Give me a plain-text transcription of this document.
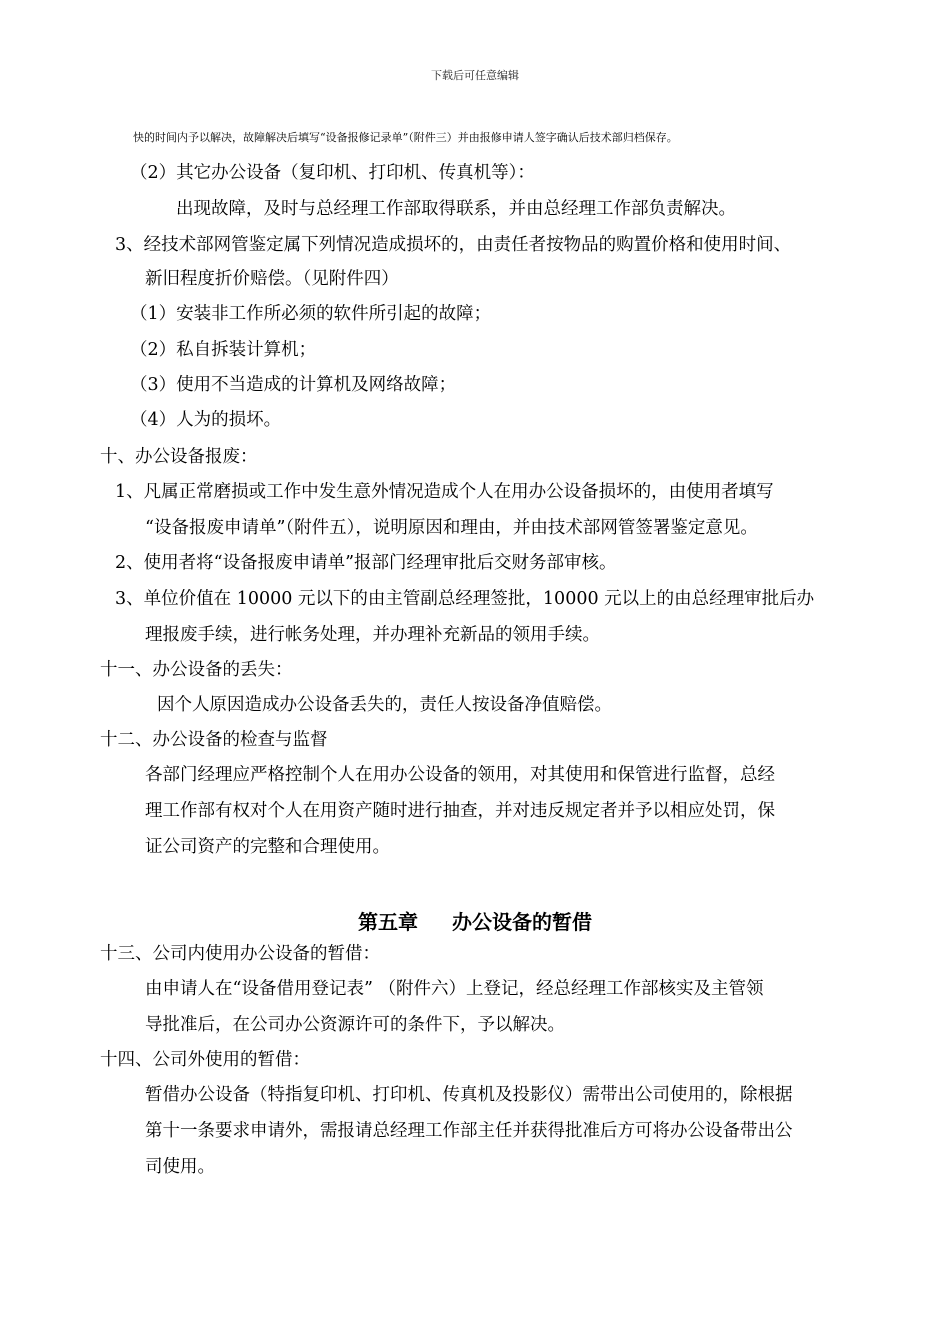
下载后可任意编辑
快的时间内予以解决，故障解决后填写“设备报修记录单”（附件三）并由报修申请人签字确认后技术部归档保存。
（2）其它办公设备（复印机、打印机、传真机等）：
出现故障，及时与总经理工作部取得联系，并由总经理工作部负责解决。
3、经技术部网管鉴定属下列情况造成损坏的，由责任者按物品的购置价格和使用时间、
新旧程度折价赔偿。（见附件四）
（1）安装非工作所必须的软件所引起的故障；
（2）私自拆装计算机；
（3）使用不当造成的计算机及网络故障；
（4）人为的损坏。
十、办公设备报废：
1、凡属正常磨损或工作中发生意外情况造成个人在用办公设备损坏的，由使用者填写
“设备报废申请单”（附件五），说明原因和理由，并由技术部网管签署鉴定意见。
2、使用者将“设备报废申请单”报部门经理审批后交财务部审核。
3、单位价值在 10000 元以下的由主管副总经理签批，10000 元以上的由总经理审批后办
理报废手续，进行帐务处理，并办理补充新品的领用手续。
十一、办公设备的丢失：
因个人原因造成办公设备丢失的，责任人按设备净值赔偿。
十二、办公设备的检查与监督
各部门经理应严格控制个人在用办公设备的领用，对其使用和保管进行监督，总经
理工作部有权对个人在用资产随时进行抽查，并对违反规定者并予以相应处罚，保
证公司资产的完整和合理使用。
第五章 办公设备的暂借
十三、公司内使用办公设备的暂借：
由申请人在“设备借用登记表” （附件六）上登记，经总经理工作部核实及主管领
导批准后，在公司办公资源许可的条件下，予以解决。
十四、公司外使用的暂借：
暂借办公设备（特指复印机、打印机、传真机及投影仪）需带出公司使用的，除根据
第十一条要求申请外，需报请总经理工作部主任并获得批准后方可将办公设备带出公
司使用。
